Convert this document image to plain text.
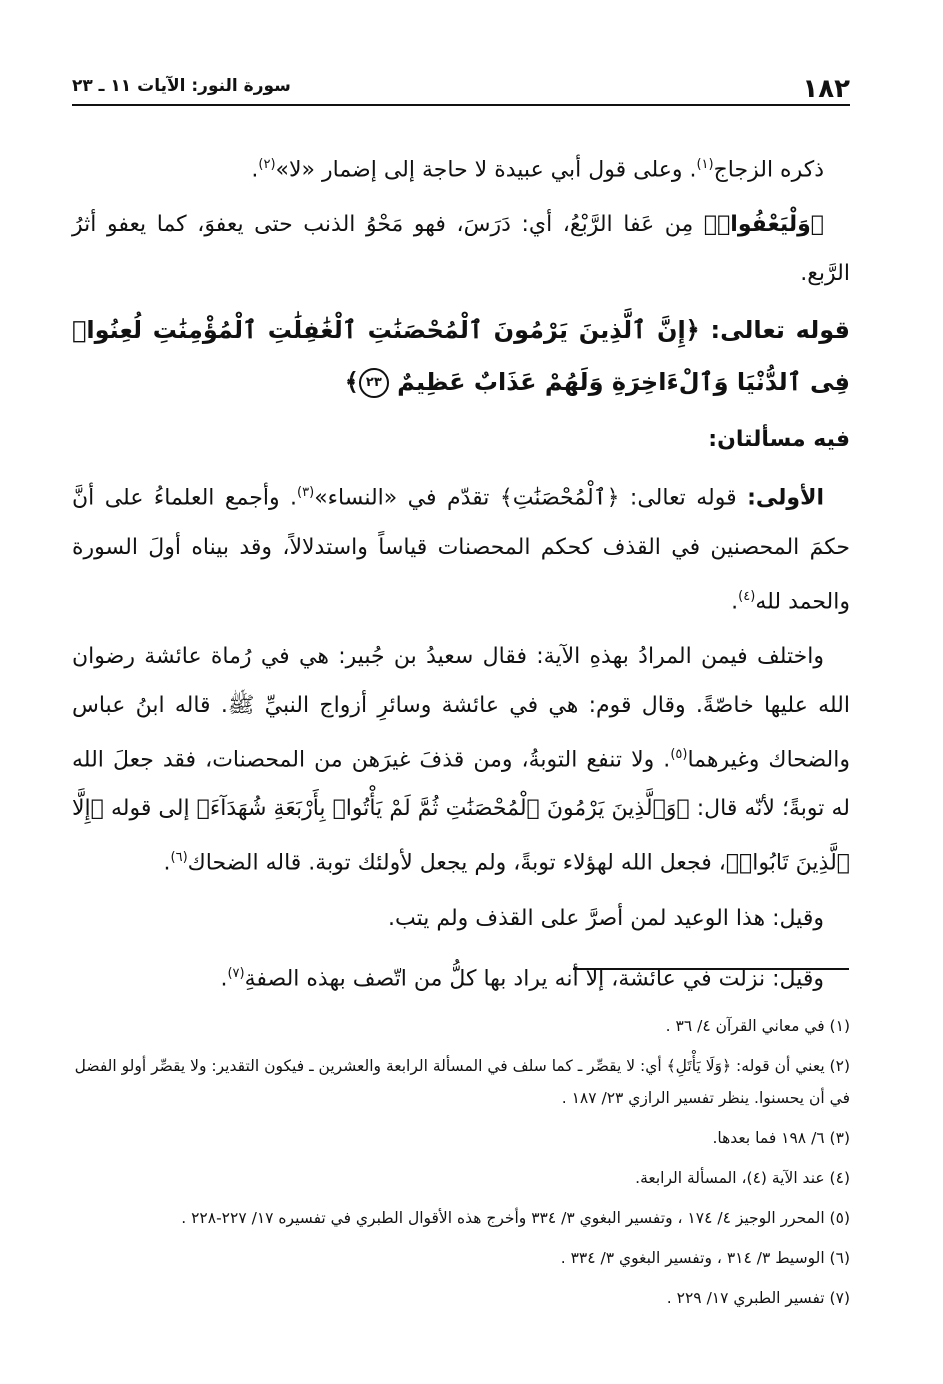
١٨٢
سورة النور: الآيات ١١ ـ ٢٣

ذكره الزجاج$^{(١)}$. وعلى قول أبي عبيدة لا حاجة إلى إضمار «لا»$^{(٢)}$.

﴿وَلْيَعْفُوا۟﴾ مِن عَفا الرَّبْعُ، أي: دَرَسَ، فهو مَحْوُ الذنب حتى يعفوَ، كما يعفو أثرُ الرَّبع.

قوله تعالى: ﴿إِنَّ ٱلَّذِينَ يَرْمُونَ ٱلْمُحْصَنَٰتِ ٱلْغَٰفِلَٰتِ ٱلْمُؤْمِنَٰتِ لُعِنُوا۟ فِى ٱلدُّنْيَا وَٱلْءَاخِرَةِ وَلَهُمْ عَذَابٌ عَظِيمٌ ٢٣﴾

فيه مسألتان:

الأولى: قوله تعالى: ﴿ٱلْمُحْصَنَٰتِ﴾ تقدّم في «النساء»$^{(٣)}$. وأجمع العلماءُ على أنَّ حكمَ المحصنين في القذف كحكم المحصنات قياساً واستدلالاً، وقد بيناه أولَ السورة والحمد لله$^{(٤)}$.

واختلف فيمن المرادُ بهذهِ الآية: فقال سعيدُ بن جُبير: هي في رُماة عائشة رضوان الله عليها خاصّةً. وقال قوم: هي في عائشة وسائرِ أزواج النبيِّ ﷺ. قاله ابنُ عباس والضحاك وغيرهما$^{(٥)}$. ولا تنفع التوبةُ، ومن قذفَ غيرَهن من المحصنات، فقد جعلَ الله له توبةً؛ لأنّه قال: ﴿وَٱلَّذِينَ يَرْمُونَ ٱلْمُحْصَنَٰتِ ثُمَّ لَمْ يَأْتُوا۟ بِأَرْبَعَةِ شُهَدَآءَ﴾ إلى قوله ﴿إِلَّا ٱلَّذِينَ تَابُوا۟﴾، فجعل الله لهؤلاء توبةً، ولم يجعل لأولئك توبة. قاله الضحاك$^{(٦)}$.

وقيل: هذا الوعيد لمن أصرَّ على القذف ولم يتب.

وقيل: نزلت في عائشة، إلا أنه يراد بها كلُّ من اتّصف بهذه الصفةِ$^{(٧)}$.

(١) في معاني القرآن ٤/ ٣٦ .

(٢) يعني أن قوله: ﴿وَلَا يَأْتَلِ﴾ أي: لا يقصِّر ـ كما سلف في المسألة الرابعة والعشرين ـ فيكون التقدير: ولا يقصِّر أولو الفضل في أن يحسنوا. ينظر تفسير الرازي ٢٣/ ١٨٧ .

(٣) ٦/ ١٩٨ فما بعدها.

(٤) عند الآية (٤)، المسألة الرابعة.

(٥) المحرر الوجيز ٤/ ١٧٤ ، وتفسير البغوي ٣/ ٣٣٤ وأخرج هذه الأقوال الطبري في تفسيره ١٧/ ٢٢٧-٢٢٨ .

(٦) الوسيط ٣/ ٣١٤ ، وتفسير البغوي ٣/ ٣٣٤ .

(٧) تفسير الطبري ١٧/ ٢٢٩ .
